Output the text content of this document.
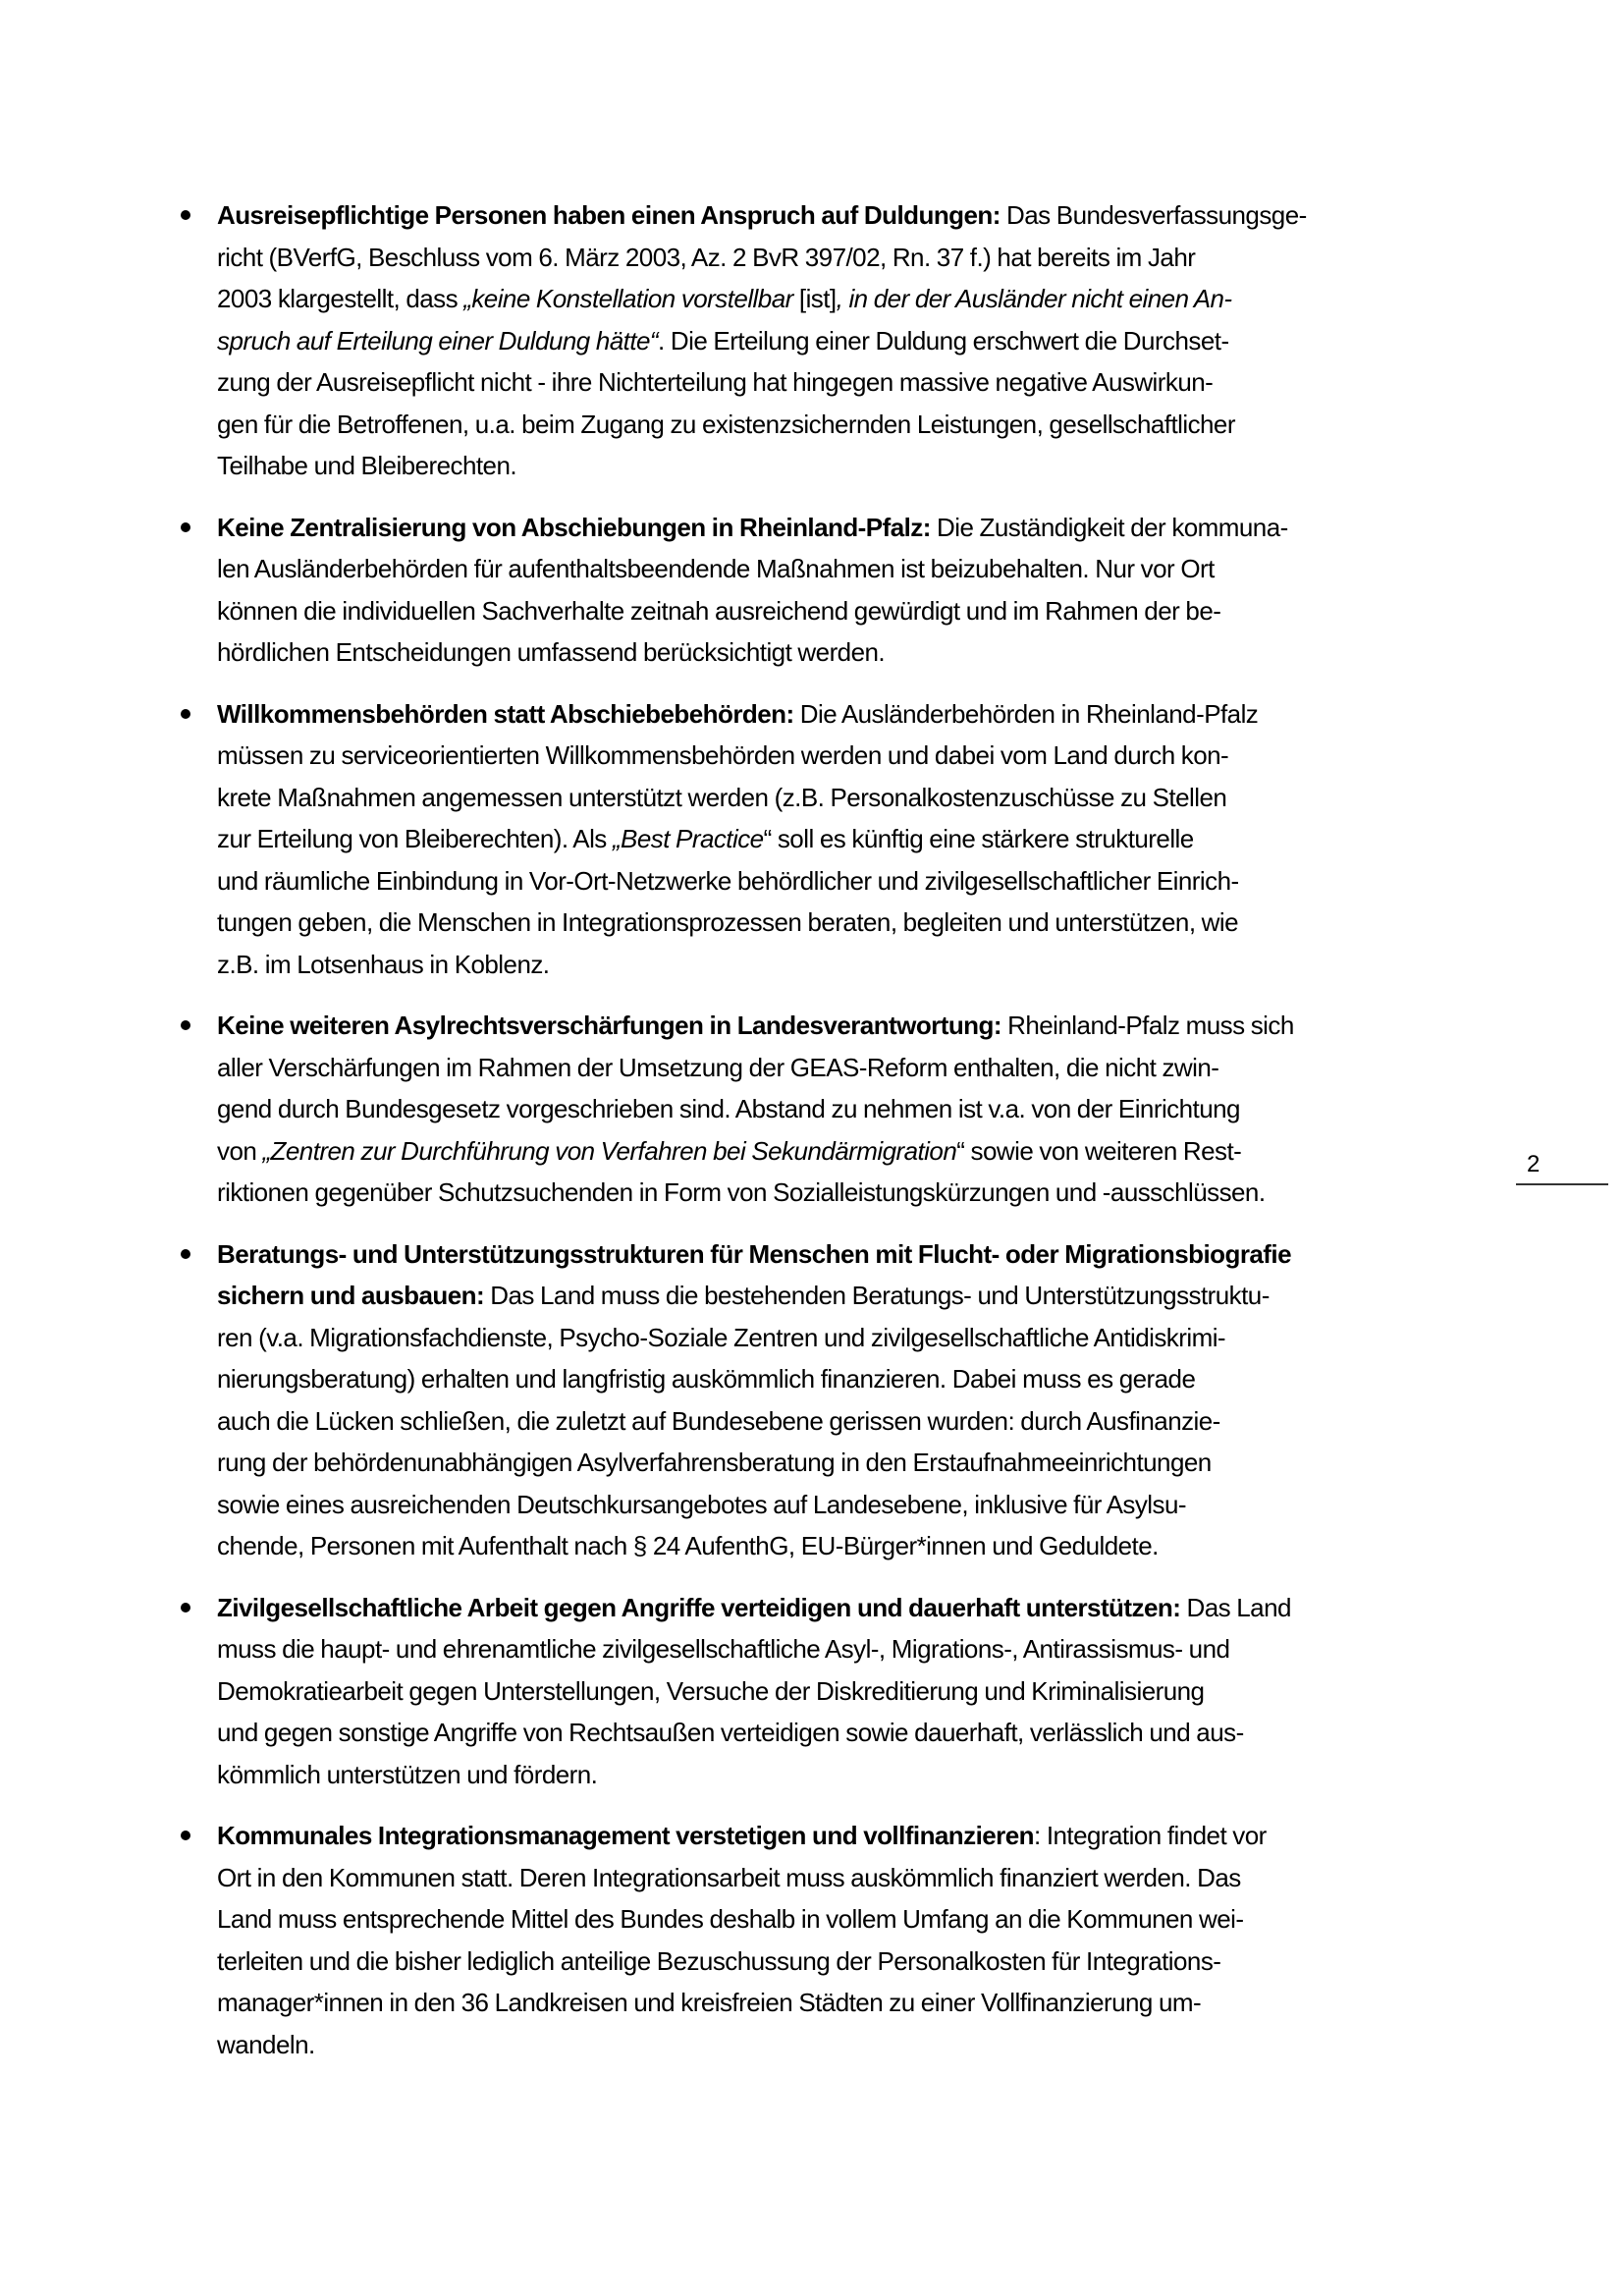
Ausreisepflichtige Personen haben einen Anspruch auf Duldungen: Das Bundesverfassungsge-
richt (BVerfG, Beschluss vom 6. März 2003, Az. 2 BvR 397/02, Rn. 37 f.) hat bereits im Jahr
2003 klargestellt, dass „keine Konstellation vorstellbar [ist], in der der Ausländer nicht einen An-
spruch auf Erteilung einer Duldung hätte“. Die Erteilung einer Duldung erschwert die Durchset-
zung der Ausreisepflicht nicht - ihre Nichterteilung hat hingegen massive negative Auswirkun-
gen für die Betroffenen, u.a. beim Zugang zu existenzsichernden Leistungen, gesellschaftlicher
Teilhabe und Bleiberechten.
Keine Zentralisierung von Abschiebungen in Rheinland-Pfalz: Die Zuständigkeit der kommuna-
len Ausländerbehörden für aufenthaltsbeendende Maßnahmen ist beizubehalten. Nur vor Ort
können die individuellen Sachverhalte zeitnah ausreichend gewürdigt und im Rahmen der be-
hördlichen Entscheidungen umfassend berücksichtigt werden.
Willkommensbehörden statt Abschiebebehörden: Die Ausländerbehörden in Rheinland-Pfalz
müssen zu serviceorientierten Willkommensbehörden werden und dabei vom Land durch kon-
krete Maßnahmen angemessen unterstützt werden (z.B. Personalkostenzuschüsse zu Stellen
zur Erteilung von Bleiberechten). Als „Best Practice“ soll es künftig eine stärkere strukturelle
und räumliche Einbindung in Vor-Ort-Netzwerke behördlicher und zivilgesellschaftlicher Einrich-
tungen geben, die Menschen in Integrationsprozessen beraten, begleiten und unterstützen, wie
z.B. im Lotsenhaus in Koblenz.
Keine weiteren Asylrechtsverschärfungen in Landesverantwortung: Rheinland-Pfalz muss sich
aller Verschärfungen im Rahmen der Umsetzung der GEAS-Reform enthalten, die nicht zwin-
gend durch Bundesgesetz vorgeschrieben sind. Abstand zu nehmen ist v.a. von der Einrichtung
von „Zentren zur Durchführung von Verfahren bei Sekundärmigration“ sowie von weiteren Rest-
riktionen gegenüber Schutzsuchenden in Form von Sozialleistungskürzungen und -ausschlüssen.
Beratungs- und Unterstützungsstrukturen für Menschen mit Flucht- oder Migrationsbiografie
sichern und ausbauen: Das Land muss die bestehenden Beratungs- und Unterstützungsstruktu-
ren (v.a. Migrationsfachdienste, Psycho-Soziale Zentren und zivilgesellschaftliche Antidiskrimi-
nierungsberatung) erhalten und langfristig auskömmlich finanzieren. Dabei muss es gerade
auch die Lücken schließen, die zuletzt auf Bundesebene gerissen wurden: durch Ausfinanzie-
rung der behördenunabhängigen Asylverfahrensberatung in den Erstaufnahmeeinrichtungen
sowie eines ausreichenden Deutschkursangebotes auf Landesebene, inklusive für Asylsu-
chende, Personen mit Aufenthalt nach § 24 AufenthG, EU-Bürger*innen und Geduldete.
Zivilgesellschaftliche Arbeit gegen Angriffe verteidigen und dauerhaft unterstützen: Das Land
muss die haupt- und ehrenamtliche zivilgesellschaftliche Asyl-, Migrations-, Antirassismus- und
Demokratiearbeit gegen Unterstellungen, Versuche der Diskreditierung und Kriminalisierung
und gegen sonstige Angriffe von Rechtsaußen verteidigen sowie dauerhaft, verlässlich und aus-
kömmlich unterstützen und fördern.
Kommunales Integrationsmanagement verstetigen und vollfinanzieren: Integration findet vor
Ort in den Kommunen statt. Deren Integrationsarbeit muss auskömmlich finanziert werden. Das
Land muss entsprechende Mittel des Bundes deshalb in vollem Umfang an die Kommunen wei-
terleiten und die bisher lediglich anteilige Bezuschussung der Personalkosten für Integrations-
manager*innen in den 36 Landkreisen und kreisfreien Städten zu einer Vollfinanzierung um-
wandeln.
2
